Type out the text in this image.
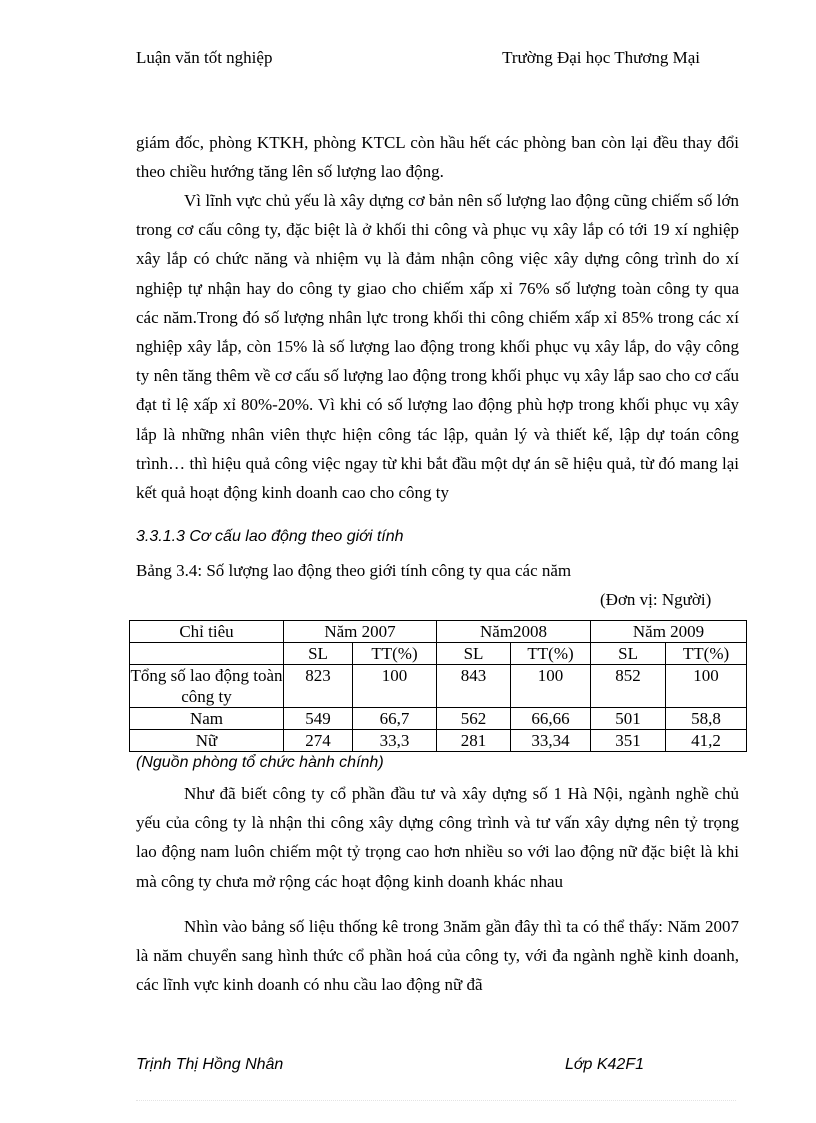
Luận văn tốt nghiệp	Trường Đại học Thương Mại

giám đốc, phòng KTKH, phòng KTCL còn hầu hết các phòng ban còn lại đều thay đổi theo chiều hướng tăng lên số lượng lao động.

Vì lĩnh vực chủ yếu là xây dựng cơ bản nên số lượng lao động cũng chiếm số lớn trong cơ cấu công ty, đặc biệt là ở khối thi công và phục vụ xây lắp có tới 19 xí nghiệp xây lắp có chức năng và nhiệm vụ là đảm nhận công việc xây dựng công trình do xí nghiệp tự nhận hay do công ty giao cho chiếm xấp xỉ 76% số lượng toàn công ty qua các năm.Trong đó số lượng nhân lực trong khối thi công chiếm xấp xỉ 85% trong các xí nghiệp xây lắp, còn 15% là số lượng lao động trong khối phục vụ xây lắp, do vậy công ty nên tăng thêm về cơ cấu số lượng lao động trong khối phục vụ xây lắp sao cho cơ cấu đạt tỉ lệ xấp xỉ 80%-20%. Vì khi có số lượng lao động phù hợp trong khối phục vụ xây lắp là những nhân viên thực hiện công tác lập, quản lý và thiết kế, lập dự toán công trình… thì hiệu quả công việc ngay từ khi bắt đầu một dự án sẽ hiệu quả, từ đó mang lại kết quả hoạt động kinh doanh cao cho công ty

3.3.1.3 Cơ cấu lao động theo giới tính
Bảng 3.4: Số lượng lao động theo giới tính công ty qua các năm
(Đơn vị: Người)
Chỉ tiêu	Năm 2007		Năm2008		Năm 2009	
	SL	TT(%)	SL	TT(%)	SL	TT(%)
Tổng số lao động toàn công ty	823	100	843	100	852	100
Nam	549	66,7	562	66,66	501	58,8
Nữ	274	33,3	281	33,34	351	41,2
(Nguồn phòng tổ chức hành chính)

Như đã biết công ty cổ phần đầu tư và xây dựng số 1 Hà Nội, ngành nghề chủ yếu của công ty là nhận thi công xây dựng công trình và tư vấn xây dựng nên tỷ trọng lao động nam luôn chiếm một tỷ trọng cao hơn nhiều so với lao động nữ đặc biệt là khi mà công ty chưa mở rộng các hoạt động kinh doanh khác nhau

Nhìn vào bảng số liệu thống kê trong 3năm gần đây thì ta có thể thấy: Năm 2007 là năm chuyển sang hình thức cổ phần hoá của công ty, với đa ngành nghề kinh doanh, các lĩnh vực kinh doanh có nhu cầu lao động nữ đã

Trịnh Thị Hồng Nhân	Lớp K42F1
